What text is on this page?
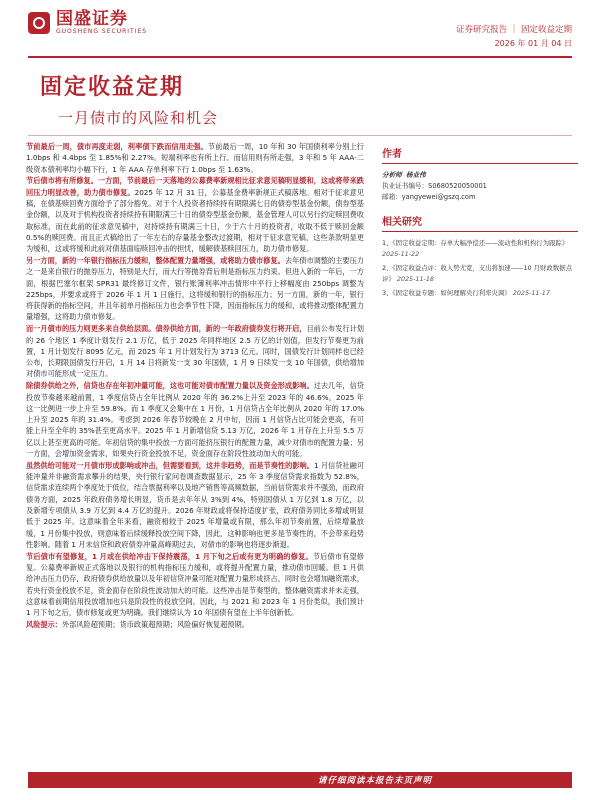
国盛证券
GUOSHENG SECURITIES	证券研究报告 ｜ 固定收益定期
2026 年 01 月 04 日
固定收益定期
一月债市的风险和机会

节前最后一周，债市再度走弱，利率债下跌而信用走强。节前最后一周，10 年和 30 年国债利率分别上行 1.0bps 和 4.4bps 至 1.85%和 2.27%。短端利率也有所上行。而信用则有所走强，3 年和 5 年 AAA-二级资本债利率均小幅下行，1 年 AAA 存单利率下行 1.0bps 至 1.63%。

节后债市将有所修复。一方面，节前最后一天落地的公募费率新规相比征求意见稿明显缓和，这或将带来跌回压力明显改善，助力债市修复。2025 年 12 月 31 日，公募基金费率新规正式稿落地。相对于征求意见稿，在债基赎回费方面给予了部分豁免。对于个人投资者持续持有期限满七日的债券型基金份额，债券型基金份额，以及对于机构投资者持续持有期限满三十日的债券型基金份额，基金管理人可以另行约定赎回费收取标准，而在此前的征求意见稿中，对持续持有期满三十日，少于六十月的投资者，收取不低于赎回金额 0.5%的赎回费。而且正式稿给出了一年左右的存量基金整改过渡期，相对于征求意见稿，这些条款明显更为缓和，这或将缓和此前对债基面临赎回冲击的担忧，缓解债基赎回压力，助力债市修复。

另一方面，新的一年银行指标压力缓和，整体配置力量增强，或将助力债市修复。去年债市调整的主要压力之一是来自银行的抛券压力，特别是大行，而大行等抛券背后则是指标压力约束。但进入新的一年后，一方面，根据巴塞尔框架 SPR31 最终修订文件，银行账簿利率冲击情形中平行上移幅度由 250bps 调整为 225bps，并要求或将于 2026 年 1 月 1 日施行，这将缓和银行的指标压力；另一方面，新的一年，银行将获得新的指标空间，并且年初单月指标压力也会季节性下降，因而指标压力的缓和，或将推动整体配置力量增强，这将助力债市修复。

而一月债市的压力则更多来自供给层面。债券供给方面，新的一年政府债券发行将开启，目前公布发行计划的 26 个地区 1 季度计划发行 2.1 万亿，低于 2025 年同样地区 2.5 万亿的计划值，但发行节奏更为前置，1 月计划发行 8095 亿元，而 2025 年 1 月计划发行为 3713 亿元。同时，国债发行计划同样也已经公布，长期限国债发行开启，1 月 14 日将新发一支 30 年国债，1 月 9 日续发一支 10 年国债，供给增加对债市可能形成一定压力。

除债券供给之外，信贷也存在年初冲量可能，这也可能对债市配置力量以及资金形成影响。过去几年，信贷投放节奏越来越前置，1 季度信贷占全年比例从 2020 年的 36.2%上升至 2023 年的 46.6%，2025 年这一比例进一步上升至 59.8%。而 1 季度又会集中在 1 月份，1 月信贷占全年比例从 2020 年的 17.0%上升至 2025 年的 31.4%。考虑到 2026 年春节较晚在 2 月中旬，因而 1 月信贷占比可能会更高，有可能上升至全年的 35%甚至更高水平。2025 年 1 月新增信贷 5.13 万亿，2026 年 1 月存在上升至 5.5 万亿以上甚至更高的可能。年初信贷的集中投放一方面可能挤压银行的配置力量，减少对债市的配置力量；另一方面，会增加资金需求，如果央行资金投放不足，资金面存在阶段性波动加大的可能。

虽然供给可能对一月债市形成影响或冲击，但需要看到，这并非趋势，而是节奏性的影响。1 月信贷社融可能冲量并非融资需求攀升的结果，央行银行家问卷调查数据显示，25 年 3 季度信贷需求指数为 52.8%，信贷需求连续两个季度处于低位，结合票据利率以及地产销售等高频数据，当前信贷需求并不强劲，而政府债务方面，2025 年政府债务增长明显，货币是去年年从 3%到 4%，特别国债从 1 万亿到 1.8 万亿，以及新增专项债从 3.9 万亿到 4.4 万亿的提升。2026 年财政或将保持适度扩张，政府债务同比多增或明显低于 2025 年。这意味着全年来看，融资相较于 2025 年增量或有限，那么年初节奏前置，后续增量放缓，1 月份集中投放，则意味着后续缓释投放空间下降，因此，这种影响也更多是节奏性的，不会带来趋势性影响。随着 1 月末信贷和政府债券冲量高峰期过去，对债市的影响也将逐步渐退。

节后债市有望修复，1 月或在供给冲击下保持震荡，1 月下旬之后或有更为明确的修复。节后债市有望修复。公募费率新规正式落地以及银行的机构指标压力缓和，或将提升配置力量，推动债市回暖。但 1 月供给冲击压力仍存，政府债券供给放量以及年初信贷冲量可能对配置力量形成挤占，同时也会增加融资需求，若央行资金投放不足，资金面存在阶段性波动加大的可能。这些冲击是节奏型的，整体融资需求并未走强，这意味着前期信用投放增加也只是阶段性的投放空间。因此，与 2021 和 2023 年 1 月份类似，我们预计 1 月下旬之后，债市修复或更为明确。我们继续认为 10 年国债有望在上半年创新低。

风险提示：外部风险超预期；货币政策超预期；风险偏好恢复超预期。

作者
分析师 杨业伟
执业证书编号：S0680520050001
邮箱：yangyewei@gszq.com
相关研究
1、《固定收益定期：存单大幅净偿还——流动性和机构行为跟踪》 2025-11-22
2、《固定收益点评：收入势尤宽，支出将加速——10 月财政数据点评》 2025-11-18
3、《固定收益专题：如何理解央行利率央调》 2025-11-17
请仔细阅读本报告末页声明
